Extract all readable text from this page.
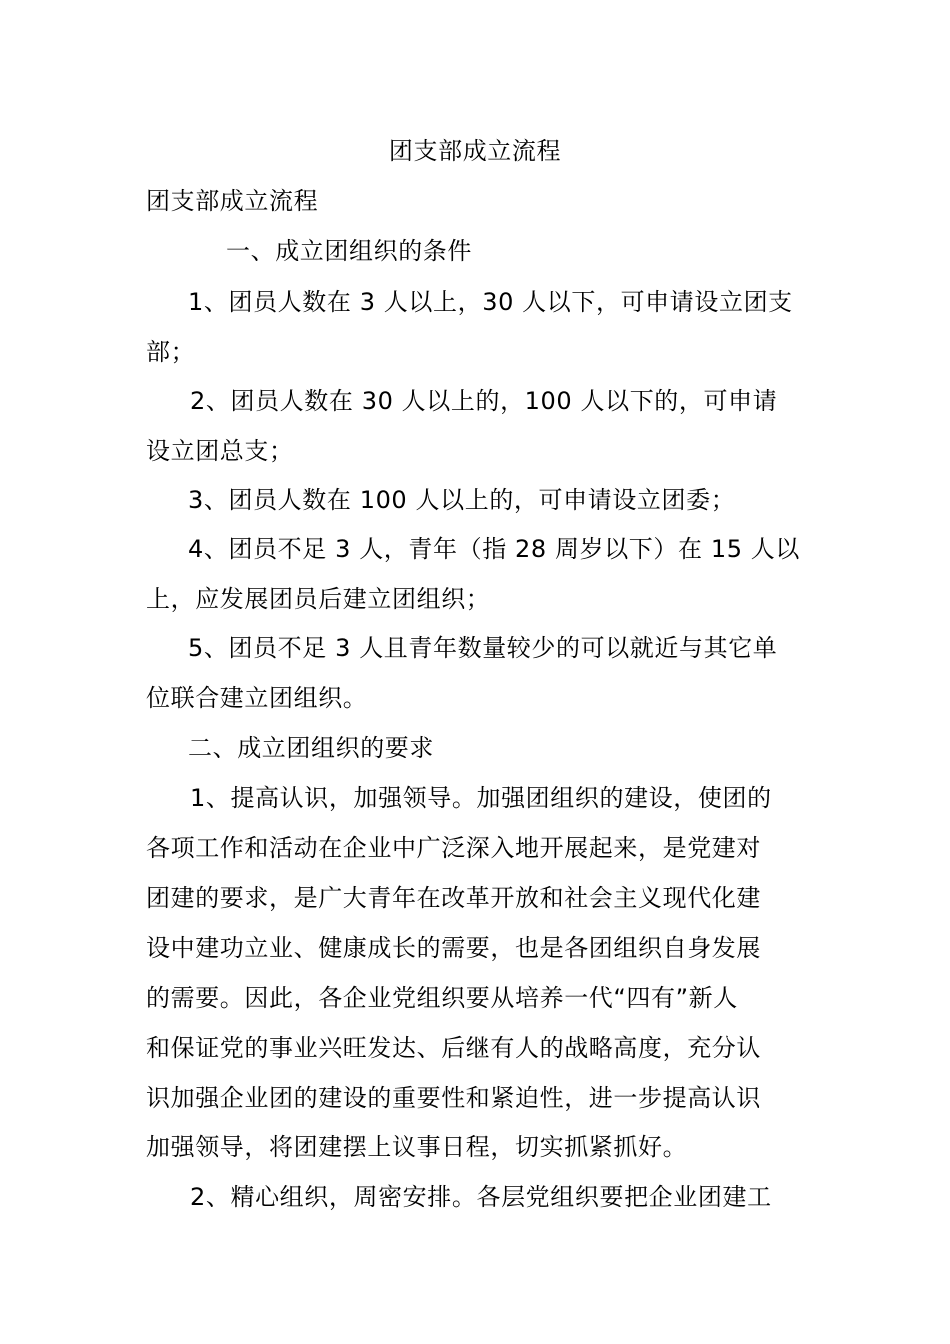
团支部成立流程
团支部成立流程
一、成立团组织的条件
1、团员人数在 3 人以上，30 人以下，可申请设立团支
部；
2、团员人数在 30 人以上的，100 人以下的，可申请
设立团总支；
3、团员人数在 100 人以上的，可申请设立团委；
4、团员不足 3 人，青年（指 28 周岁以下）在 15 人以
上，应发展团员后建立团组织；
5、团员不足 3 人且青年数量较少的可以就近与其它单
位联合建立团组织。
二、成立团组织的要求
1、提高认识，加强领导。加强团组织的建设，使团的
各项工作和活动在企业中广泛深入地开展起来，是党建对
团建的要求，是广大青年在改革开放和社会主义现代化建
设中建功立业、健康成长的需要，也是各团组织自身发展
的需要。因此，各企业党组织要从培养一代“四有”新人
和保证党的事业兴旺发达、后继有人的战略高度，充分认
识加强企业团的建设的重要性和紧迫性，进一步提高认识
加强领导，将团建摆上议事日程，切实抓紧抓好。
2、精心组织，周密安排。各层党组织要把企业团建工
